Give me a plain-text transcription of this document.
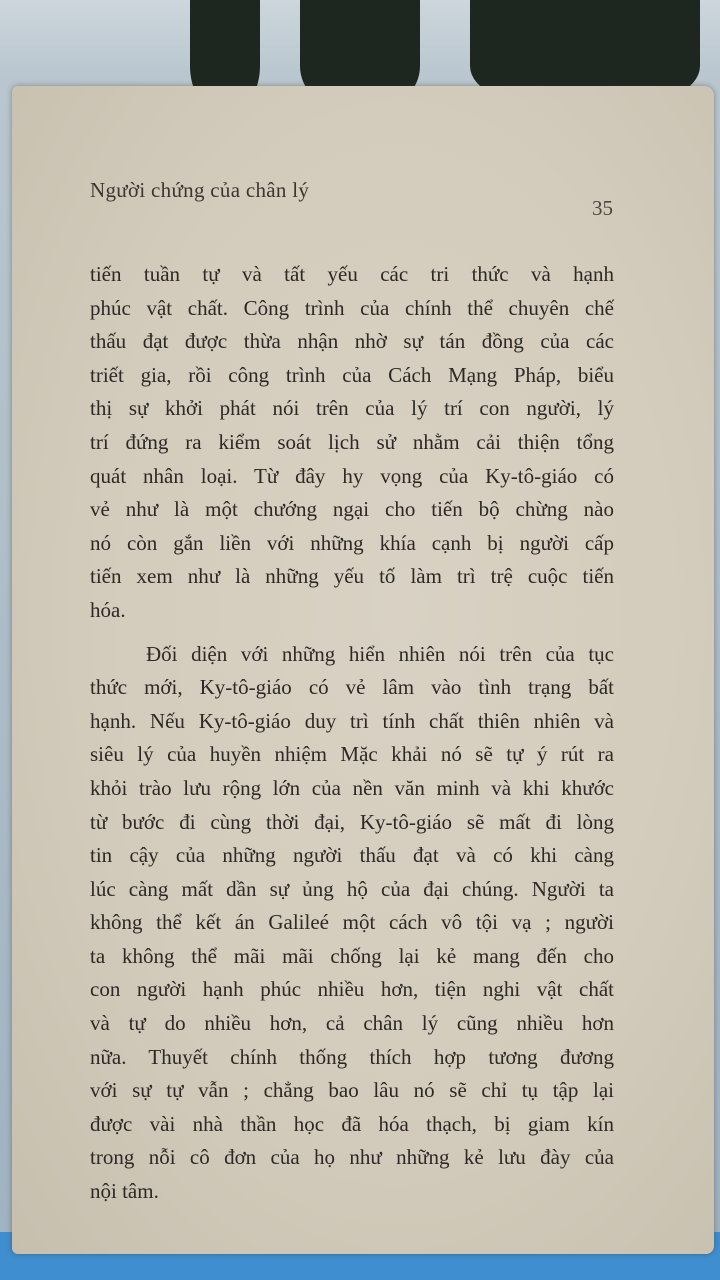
Người chứng của chân lý
35
tiến tuần tự và tất yếu các tri thức và hạnh
phúc vật chất. Công trình của chính thể chuyên chế
thấu đạt được thừa nhận nhờ sự tán đồng của các
triết gia, rồi công trình của Cách Mạng Pháp, biểu
thị sự khởi phát nói trên của lý trí con người, lý
trí đứng ra kiểm soát lịch sử nhằm cải thiện tổng
quát nhân loại. Từ đây hy vọng của Ky-tô-giáo có
vẻ như là một chướng ngại cho tiến bộ chừng nào
nó còn gắn liền với những khía cạnh bị người cấp
tiến xem như là những yếu tố làm trì trệ cuộc tiến
hóa.
Đối diện với những hiển nhiên nói trên của tục
thức mới, Ky-tô-giáo có vẻ lâm vào tình trạng bất
hạnh. Nếu Ky-tô-giáo duy trì tính chất thiên nhiên và
siêu lý của huyền nhiệm Mặc khải nó sẽ tự ý rút ra
khỏi trào lưu rộng lớn của nền văn minh và khi khước
từ bước đi cùng thời đại, Ky-tô-giáo sẽ mất đi lòng
tin cậy của những người thấu đạt và có khi càng
lúc càng mất dần sự ủng hộ của đại chúng. Người ta
không thể kết án Galileé một cách vô tội vạ ; người
ta không thể mãi mãi chống lại kẻ mang đến cho
con người hạnh phúc nhiều hơn, tiện nghi vật chất
và tự do nhiều hơn, cả chân lý cũng nhiều hơn
nữa. Thuyết chính thống thích hợp tương đương
với sự tự vẫn ; chẳng bao lâu nó sẽ chỉ tụ tập lại
được vài nhà thần học đã hóa thạch, bị giam kín
trong nỗi cô đơn của họ như những kẻ lưu đày của
nội tâm.
